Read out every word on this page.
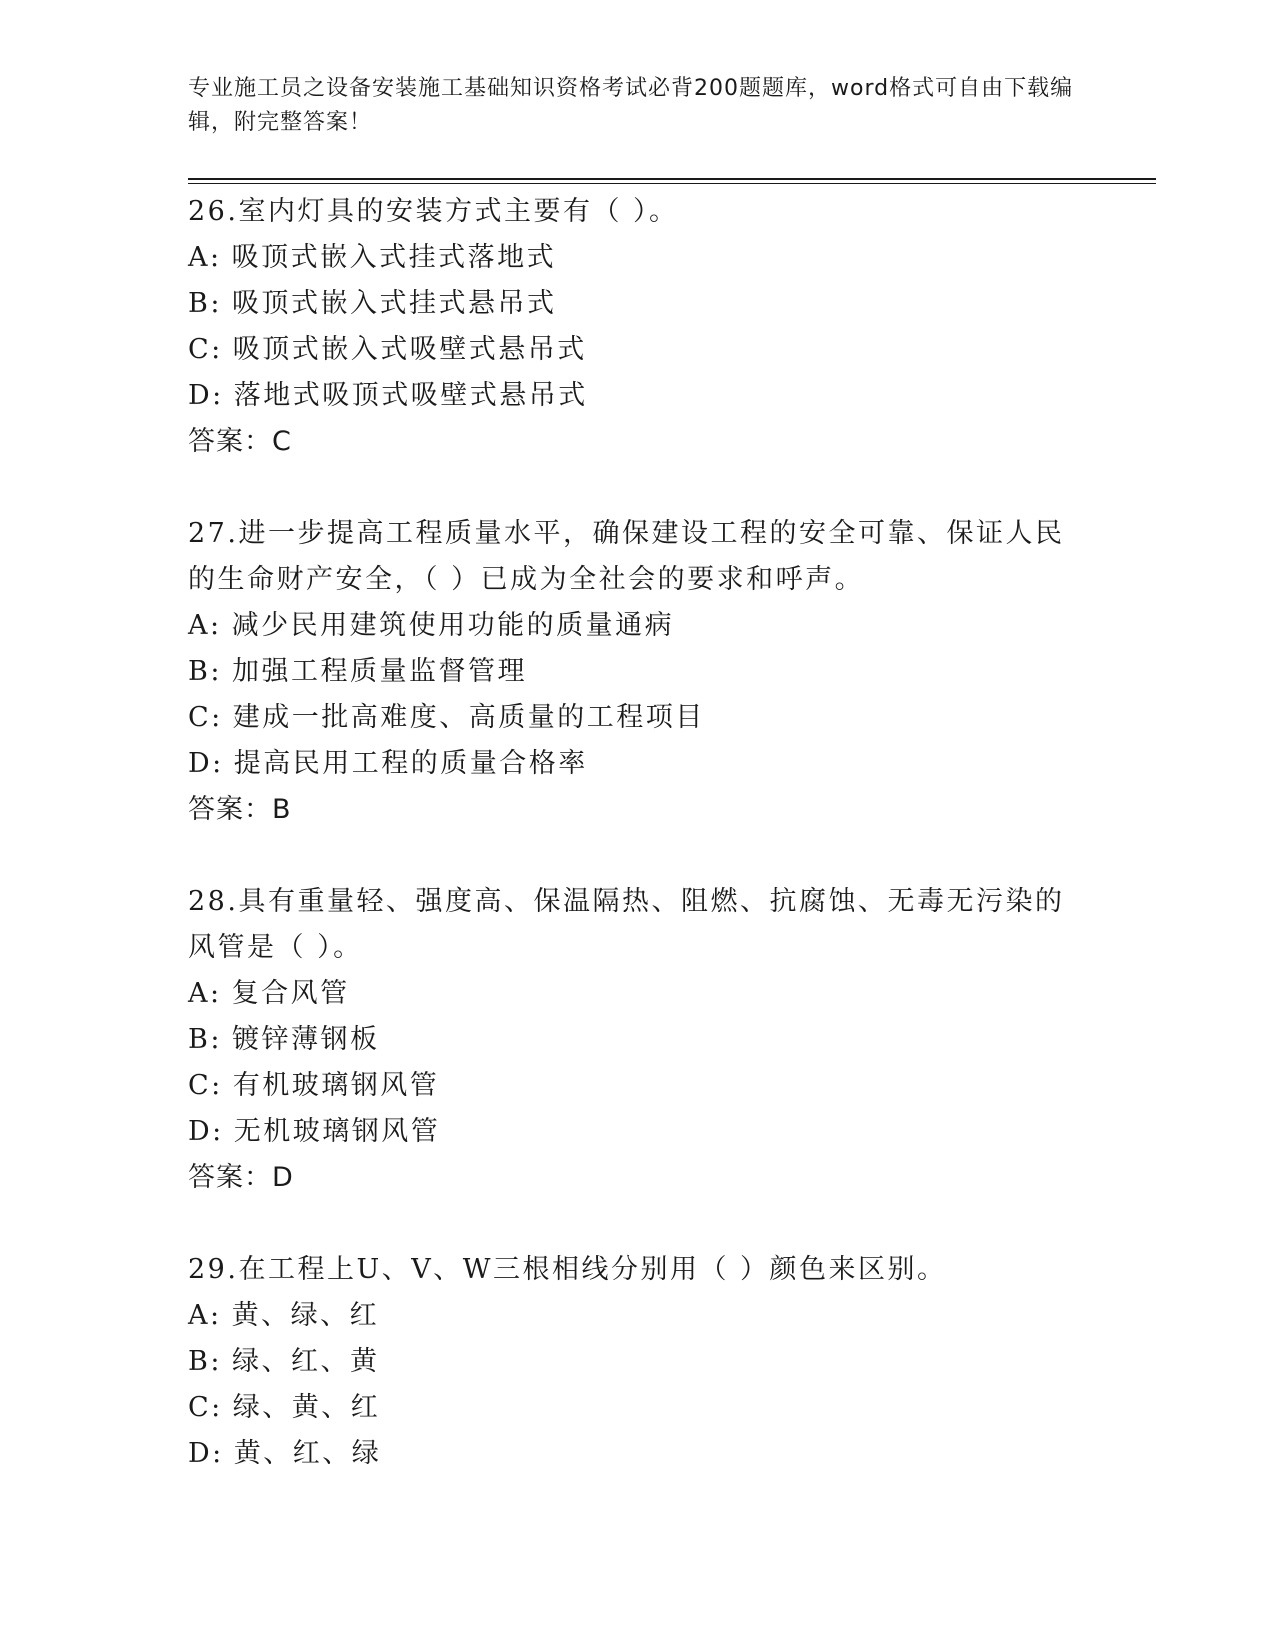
专业施工员之设备安装施工基础知识资格考试必背200题题库，word格式可自由下载编辑，附完整答案！
26.室内灯具的安装方式主要有（ ）。
A: 吸顶式嵌入式挂式落地式
B: 吸顶式嵌入式挂式悬吊式
C: 吸顶式嵌入式吸壁式悬吊式
D: 落地式吸顶式吸壁式悬吊式
答案：C
27.进一步提高工程质量水平，确保建设工程的安全可靠、保证人民的生命财产安全，（ ）已成为全社会的要求和呼声。
A: 减少民用建筑使用功能的质量通病
B: 加强工程质量监督管理
C: 建成一批高难度、高质量的工程项目
D: 提高民用工程的质量合格率
答案：B
28.具有重量轻、强度高、保温隔热、阻燃、抗腐蚀、无毒无污染的风管是（ ）。
A: 复合风管
B: 镀锌薄钢板
C: 有机玻璃钢风管
D: 无机玻璃钢风管
答案：D
29.在工程上U、V、W三根相线分别用（ ）颜色来区别。
A: 黄、绿、红
B: 绿、红、黄
C: 绿、黄、红
D: 黄、红、绿
